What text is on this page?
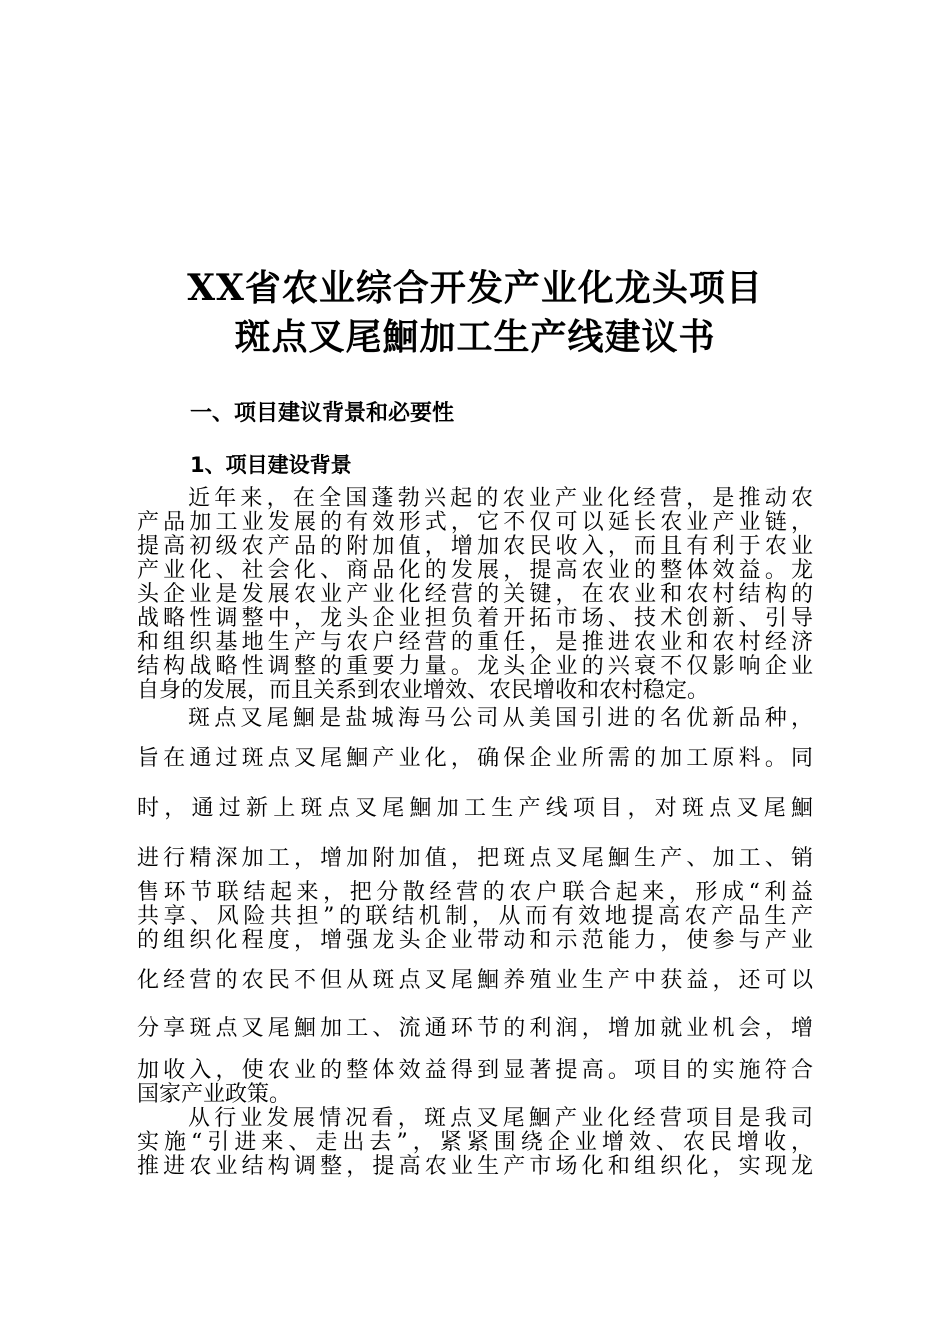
XX省农业综合开发产业化龙头项目
斑点叉尾鮰加工生产线建议书
一、项目建议背景和必要性
1、项目建设背景
近年来，在全国蓬勃兴起的农业产业化经营，是推动农
产品加工业发展的有效形式，它不仅可以延长农业产业链，
提高初级农产品的附加值，增加农民收入，而且有利于农业
产业化、社会化、商品化的发展，提高农业的整体效益。龙
头企业是发展农业产业化经营的关键，在农业和农村结构的
战略性调整中，龙头企业担负着开拓市场、技术创新、引导
和组织基地生产与农户经营的重任，是推进农业和农村经济
结构战略性调整的重要力量。龙头企业的兴衰不仅影响企业
自身的发展，而且关系到农业增效、农民增收和农村稳定。
斑点叉尾鮰是盐城海马公司从美国引进的名优新品种，
旨在通过斑点叉尾鮰产业化，确保企业所需的加工原料。同
时，通过新上斑点叉尾鮰加工生产线项目，对斑点叉尾鮰
进行精深加工，增加附加值，把斑点叉尾鮰生产、加工、销
售环节联结起来，把分散经营的农户联合起来，形成“利益
共享、风险共担”的联结机制，从而有效地提高农产品生产
的组织化程度，增强龙头企业带动和示范能力，使参与产业
化经营的农民不但从斑点叉尾鮰养殖业生产中获益，还可以
分享斑点叉尾鮰加工、流通环节的利润，增加就业机会，增
加收入，使农业的整体效益得到显著提高。项目的实施符合
国家产业政策。
从行业发展情况看，斑点叉尾鮰产业化经营项目是我司
实施“引进来、走出去”，紧紧围绕企业增效、农民增收，
推进农业结构调整，提高农业生产市场化和组织化，实现龙
